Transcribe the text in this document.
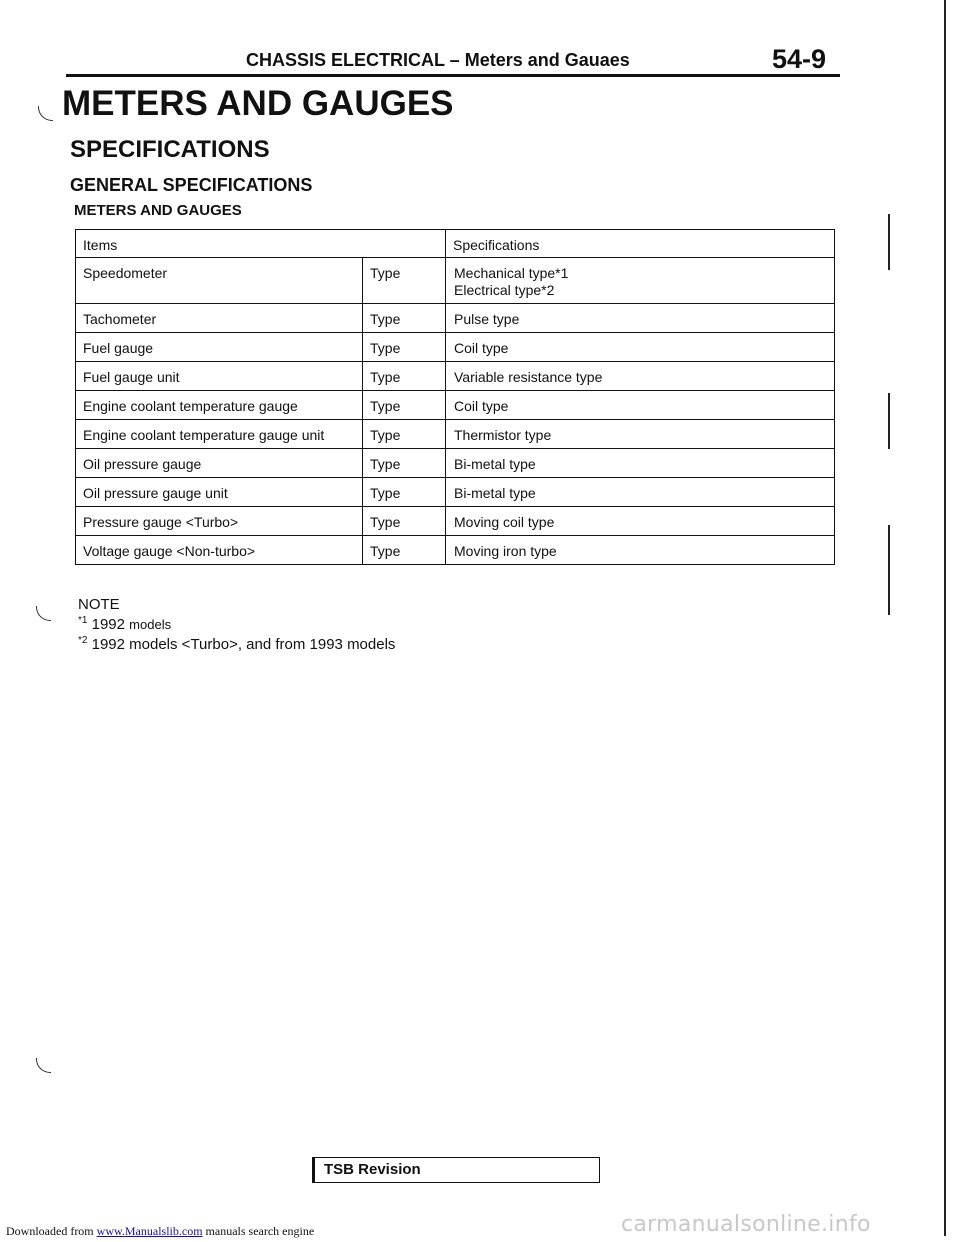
CHASSIS ELECTRICAL – Meters and Gauaes	54-9
METERS AND GAUGES
SPECIFICATIONS
GENERAL SPECIFICATIONS
METERS AND GAUGES
Items		Specifications
Speedometer	Type	Mechanical type*1
Electrical type*2

Tachometer	Type	Pulse type

Fuel gauge	Type	Coil type

Fuel gauge unit	Type	Variable resistance type

Engine coolant temperature gauge	Type	Coil type

Engine coolant temperature gauge unit	Type	Thermistor type

Oil pressure gauge	Type	Bi-metal type

Oil pressure gauge unit	Type	Bi-metal type

Pressure gauge <Turbo>	Type	Moving coil type

Voltage gauge <Non-turbo>	Type	Moving iron type
NOTE
$^{*1}$ 1992 models
$^{*2}$ 1992 models <Turbo>, and from 1993 models
TSB Revision
Downloaded from www.Manualslib.com manuals search engine	carmanualsonline.info
